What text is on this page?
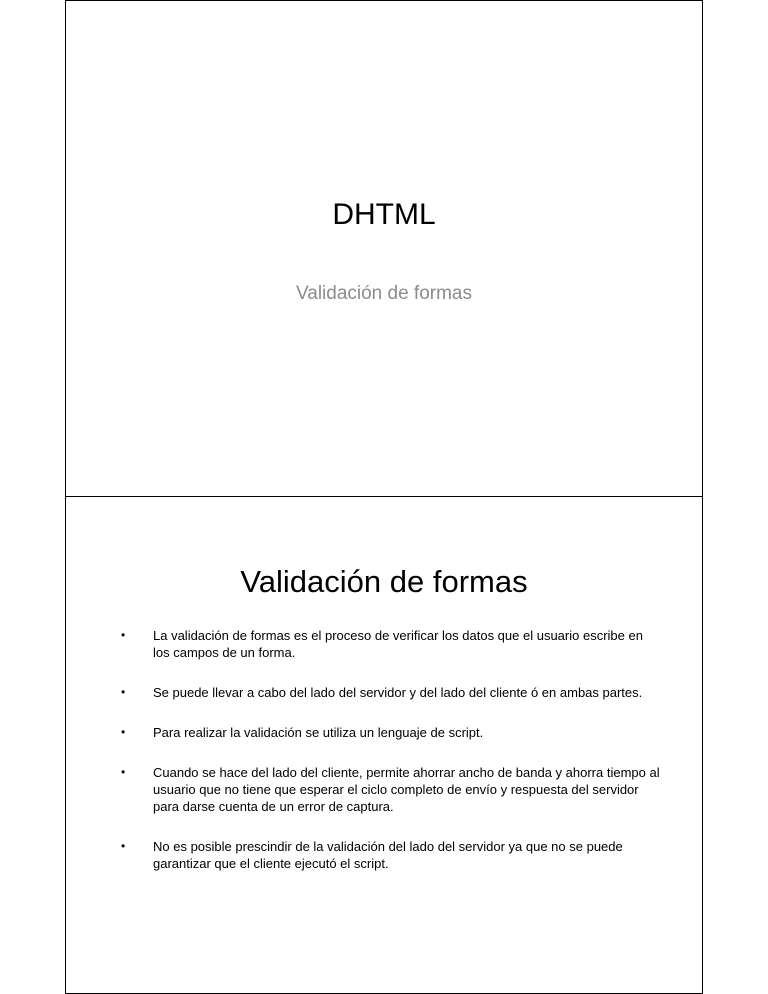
DHTML
Validación de formas
Validación de formas
•	La validación de formas es el proceso de verificar los datos que el usuario escribe en los campos de un forma.
•	Se puede llevar a cabo del lado del servidor y del lado del cliente ó en ambas partes.
•	Para realizar la validación se utiliza un lenguaje de script.
•	Cuando se hace del lado del cliente, permite ahorrar ancho de banda y ahorra tiempo al usuario que no tiene que esperar el ciclo completo de envío y respuesta del servidor para darse cuenta de un error de captura.
•	No es posible prescindir de la validación del lado del servidor ya que no se puede garantizar que el cliente ejecutó el script.
